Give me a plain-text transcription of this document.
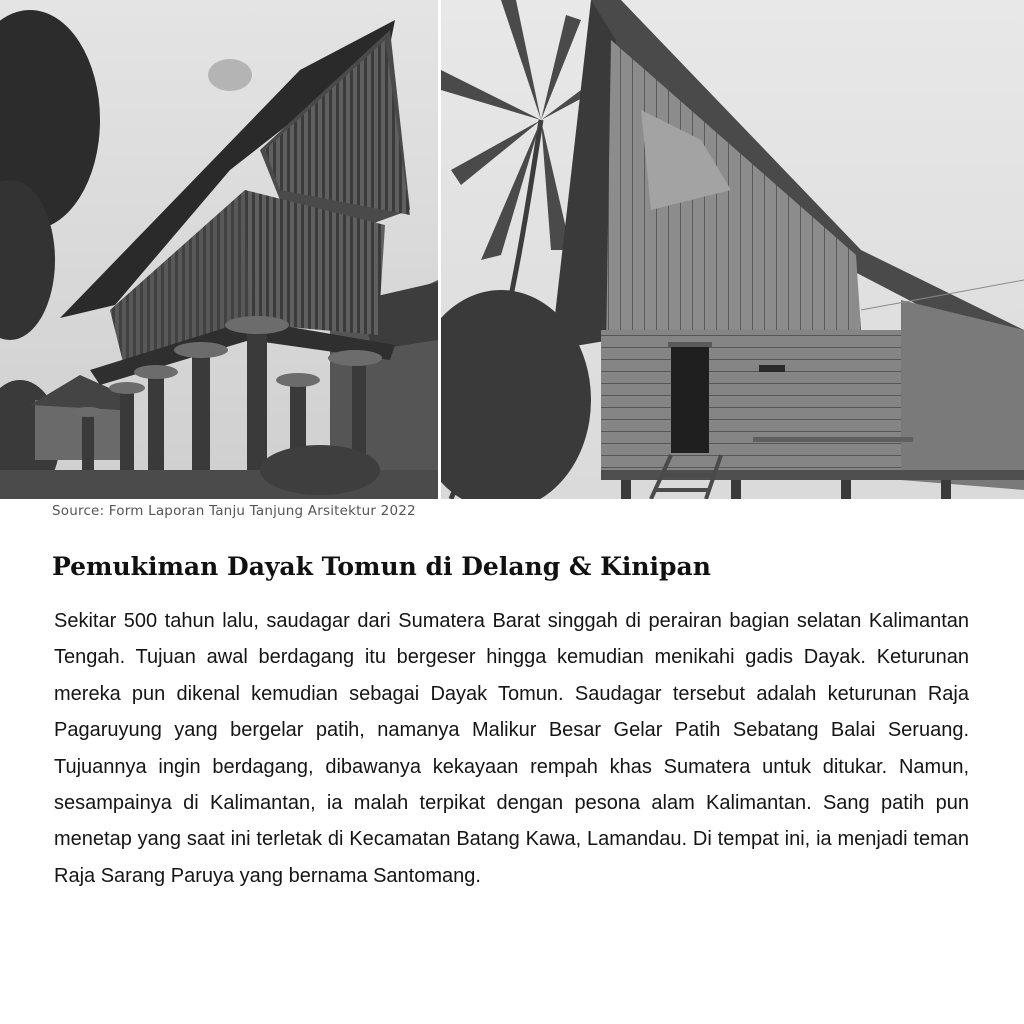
Source: Form Laporan Tanju Tanjung Arsitektur 2022
Pemukiman Dayak Tomun di Delang & Kinipan

Sekitar 500 tahun lalu, saudagar dari Sumatera Barat singgah di perairan bagian selatan Kalimantan Tengah. Tujuan awal berdagang itu bergeser hingga kemudian menikahi gadis Dayak. Keturunan mereka pun dikenal kemudian sebagai Dayak Tomun. Saudagar tersebut adalah keturunan Raja Pagaruyung yang bergelar patih, namanya Malikur Besar Gelar Patih Sebatang Balai Seruang. Tujuannya ingin berdagang, dibawanya kekayaan rempah khas Sumatera untuk ditukar. Namun, sesampainya di Kalimantan, ia malah terpikat dengan pesona alam Kalimantan. Sang patih pun menetap yang saat ini terletak di Kecamatan Batang Kawa, Lamandau. Di tempat ini, ia menjadi teman Raja Sarang Paruya yang bernama Santomang.
